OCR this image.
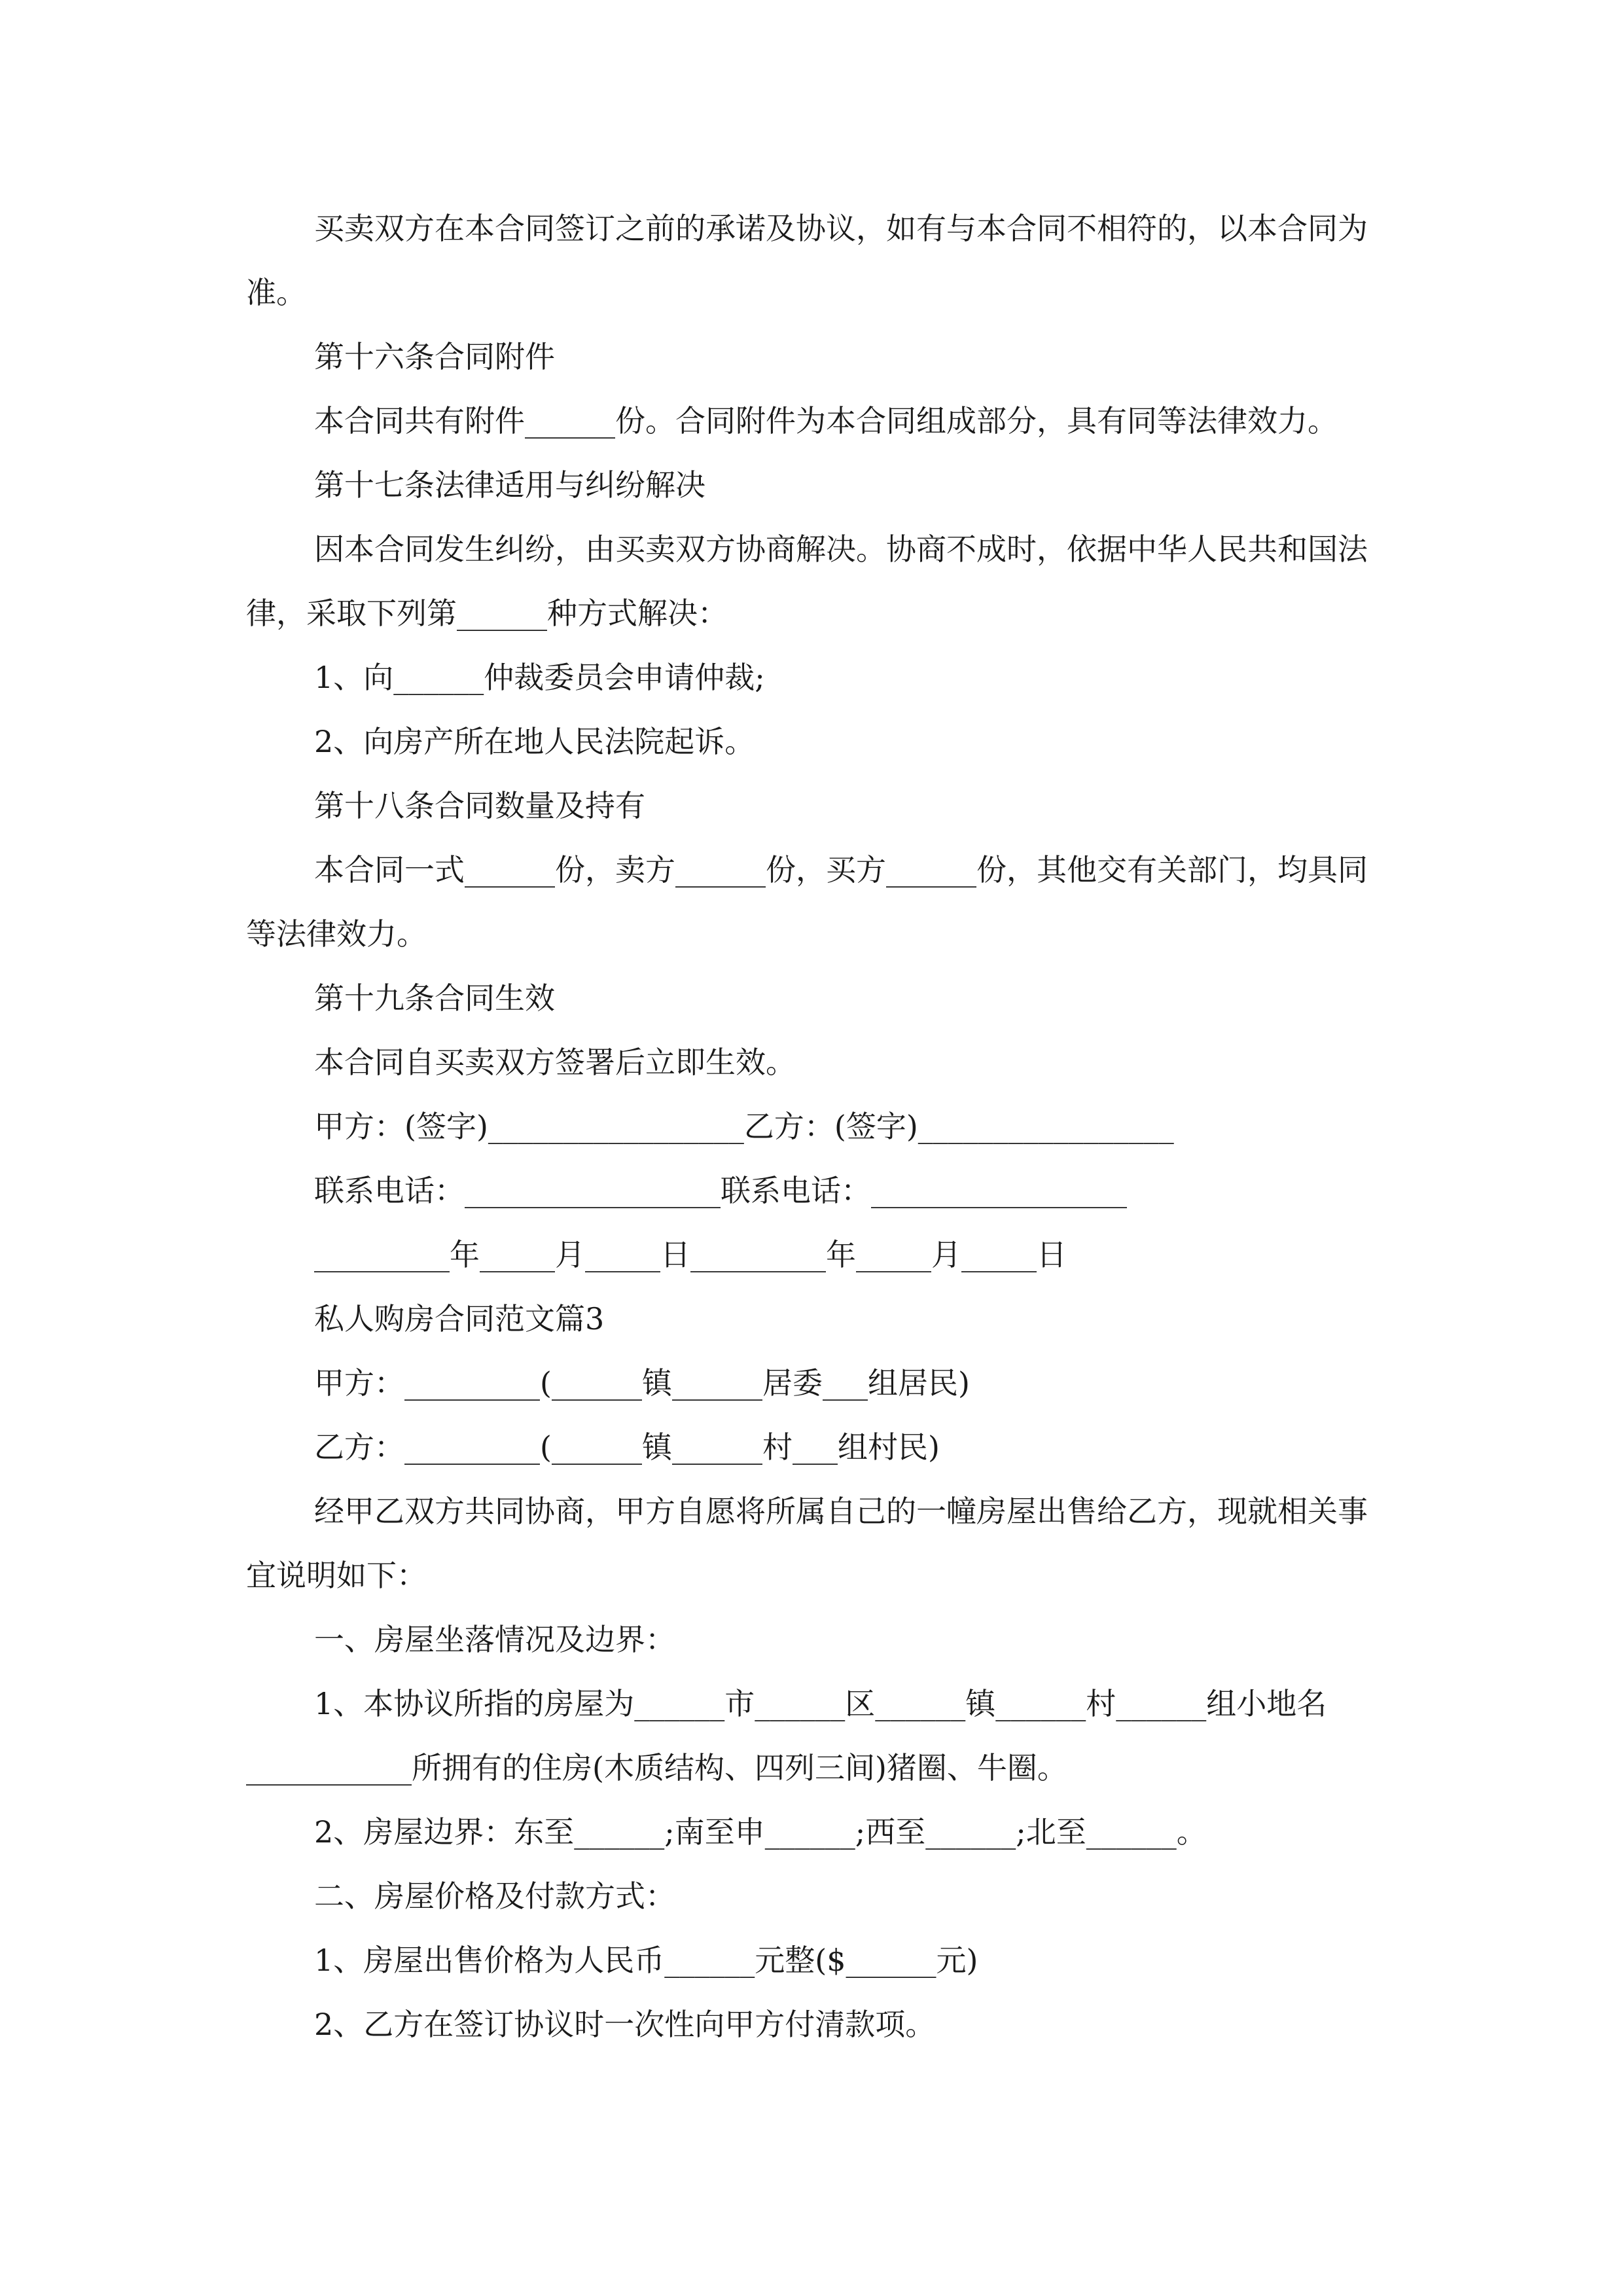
买卖双方在本合同签订之前的承诺及协议，如有与本合同不相符的，以本合同为准。

第十六条合同附件

本合同共有附件______份。合同附件为本合同组成部分，具有同等法律效力。

第十七条法律适用与纠纷解决

因本合同发生纠纷，由买卖双方协商解决。协商不成时，依据中华人民共和国法律，采取下列第______种方式解决：

1、向______仲裁委员会申请仲裁;

2、向房产所在地人民法院起诉。

第十八条合同数量及持有

本合同一式______份，卖方______份，买方______份，其他交有关部门，均具同等法律效力。

第十九条合同生效

本合同自买卖双方签署后立即生效。

甲方：(签字)_________________乙方：(签字)_________________

联系电话：_________________联系电话：_________________

_________年_____月_____日_________年_____月_____日

私人购房合同范文篇3

甲方：_________(______镇______居委___组居民)

乙方：_________(______镇______村___组村民)

经甲乙双方共同协商，甲方自愿将所属自己的一幢房屋出售给乙方，现就相关事宜说明如下：

一、房屋坐落情况及边界：

1、本协议所指的房屋为______市______区______镇______村______组小地名___________所拥有的住房(木质结构、四列三间)猪圈、牛圈。

2、房屋边界：东至______;南至申______;西至______;北至______。

二、房屋价格及付款方式：

1、房屋出售价格为人民币______元整($______元)

2、乙方在签订协议时一次性向甲方付清款项。
